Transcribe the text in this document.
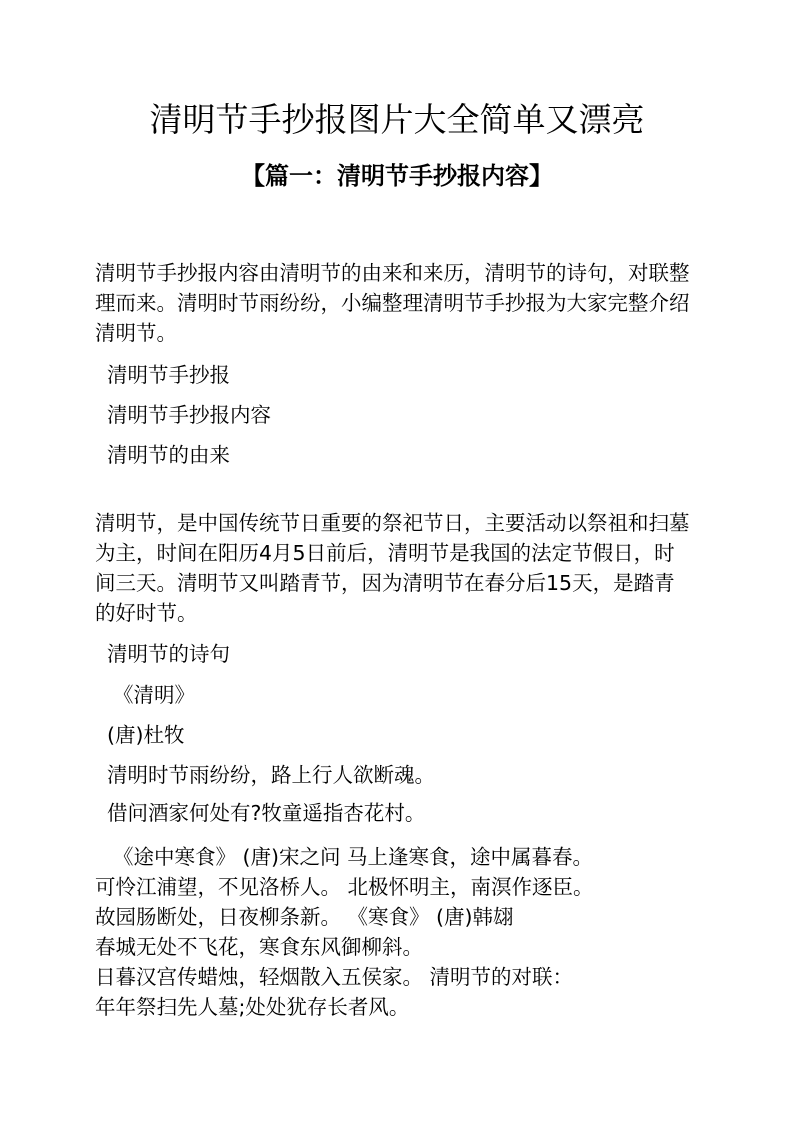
清明节手抄报图片大全简单又漂亮
【篇一：清明节手抄报内容】

清明节手抄报内容由清明节的由来和来历，清明节的诗句，对联整理而来。清明时节雨纷纷，小编整理清明节手抄报为大家完整介绍清明节。

清明节手抄报

清明节手抄报内容

清明节的由来

清明节，是中国传统节日重要的祭祀节日，主要活动以祭祖和扫墓为主，时间在阳历4月5日前后，清明节是我国的法定节假日，时间三天。清明节又叫踏青节，因为清明节在春分后15天，是踏青的好时节。

清明节的诗句

《清明》

(唐)杜牧

清明时节雨纷纷，路上行人欲断魂。

借问酒家何处有?牧童遥指杏花村。

《途中寒食》 (唐)宋之问 马上逢寒食，途中属暮春。

可怜江浦望，不见洛桥人。 北极怀明主，南溟作逐臣。

故园肠断处，日夜柳条新。 《寒食》 (唐)韩翃

春城无处不飞花，寒食东风御柳斜。

日暮汉宫传蜡烛，轻烟散入五侯家。 清明节的对联：

年年祭扫先人墓;处处犹存长者风。
